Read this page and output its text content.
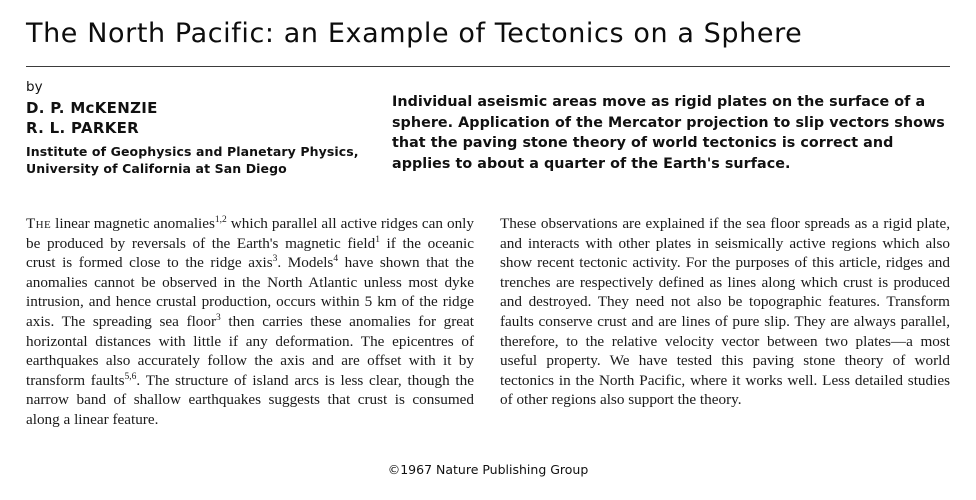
The North Pacific: an Example of Tectonics on a Sphere
by
D. P. McKENZIE
R. L. PARKER
Institute of Geophysics and Planetary Physics,
University of California at San Diego
Individual aseismic areas move as rigid plates on the surface of a sphere. Application of the Mercator projection to slip vectors shows that the paving stone theory of world tectonics is correct and applies to about a quarter of the Earth's surface.

The linear magnetic anomalies$^{1,2}$ which parallel all active ridges can only be produced by reversals of the Earth's magnetic field$^1$ if the oceanic crust is formed close to the ridge axis$^3$. Models$^4$ have shown that the anomalies cannot be observed in the North Atlantic unless most dyke intrusion, and hence crustal production, occurs within 5 km of the ridge axis. The spreading sea floor$^3$ then carries these anomalies for great horizontal distances with little if any deformation. The epicentres of earthquakes also accurately follow the axis and are offset with it by transform faults$^{5,6}$. The structure of island arcs is less clear, though the narrow band of shallow earthquakes suggests that crust is consumed along a linear feature.

These observations are explained if the sea floor spreads as a rigid plate, and interacts with other plates in seismically active regions which also show recent tectonic activity. For the purposes of this article, ridges and trenches are respectively defined as lines along which crust is produced and destroyed. They need not also be topographic features. Transform faults conserve crust and are lines of pure slip. They are always parallel, therefore, to the relative velocity vector between two plates—a most useful property. We have tested this paving stone theory of world tectonics in the North Pacific, where it works well. Less detailed studies of other regions also support the theory.

©1967 Nature Publishing Group
